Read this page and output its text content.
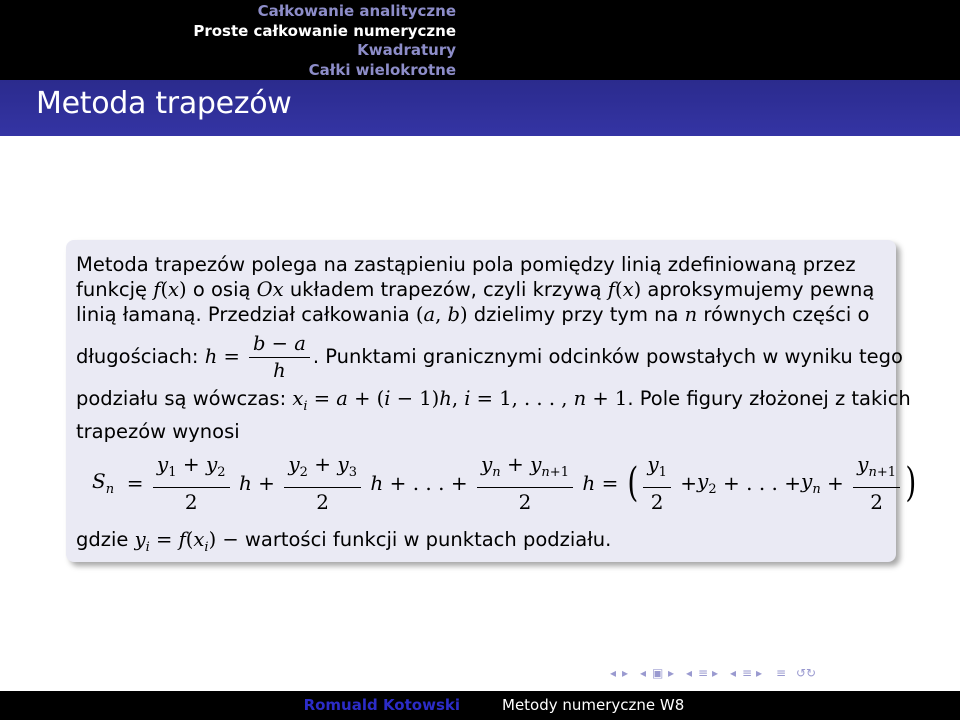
Całkowanie analityczne
Proste całkowanie numeryczne
Kwadratury
Całki wielokrotne
Metoda trapezów
Metoda trapezów polega na zastąpieniu pola pomiędzy linią zdefiniowaną przez
funkcję f(x) o osią Ox układem trapezów, czyli krzywą f(x) aproksymujemy pewną
linią łamaną. Przedział całkowania (a, b) dzielimy przy tym na n równych części o
długościach: $h = \frac{b - a}{h}$ . Punktami granicznymi odcinków powstałych w wyniku tego
podziału są wówczas: $x_i = a + (i - 1)h$, i = 1, . . . , n + 1. Pole figury złożonej z takich
trapezów wynosi
$S_n = \frac{y_1 + y_2}{2}$ $h + \frac{y_2 + y_3}{2}$ h + . . . + $\frac{y_n + y_{n+1}}{2}$ h = ( $\frac{y_1}{2} +y_2$ + . . . $+y_n + \frac{y_{n+1}}{2}$ )
gdzie $y_i = f(x_i)$ − wartości funkcji w punktach podziału.
◂ ▸ ◂ ▣ ▸ ◂ ≡ ▸ ◂ ≡ ▸ ≡ ↺↻
Romuald Kotowski	Metody numeryczne W8
